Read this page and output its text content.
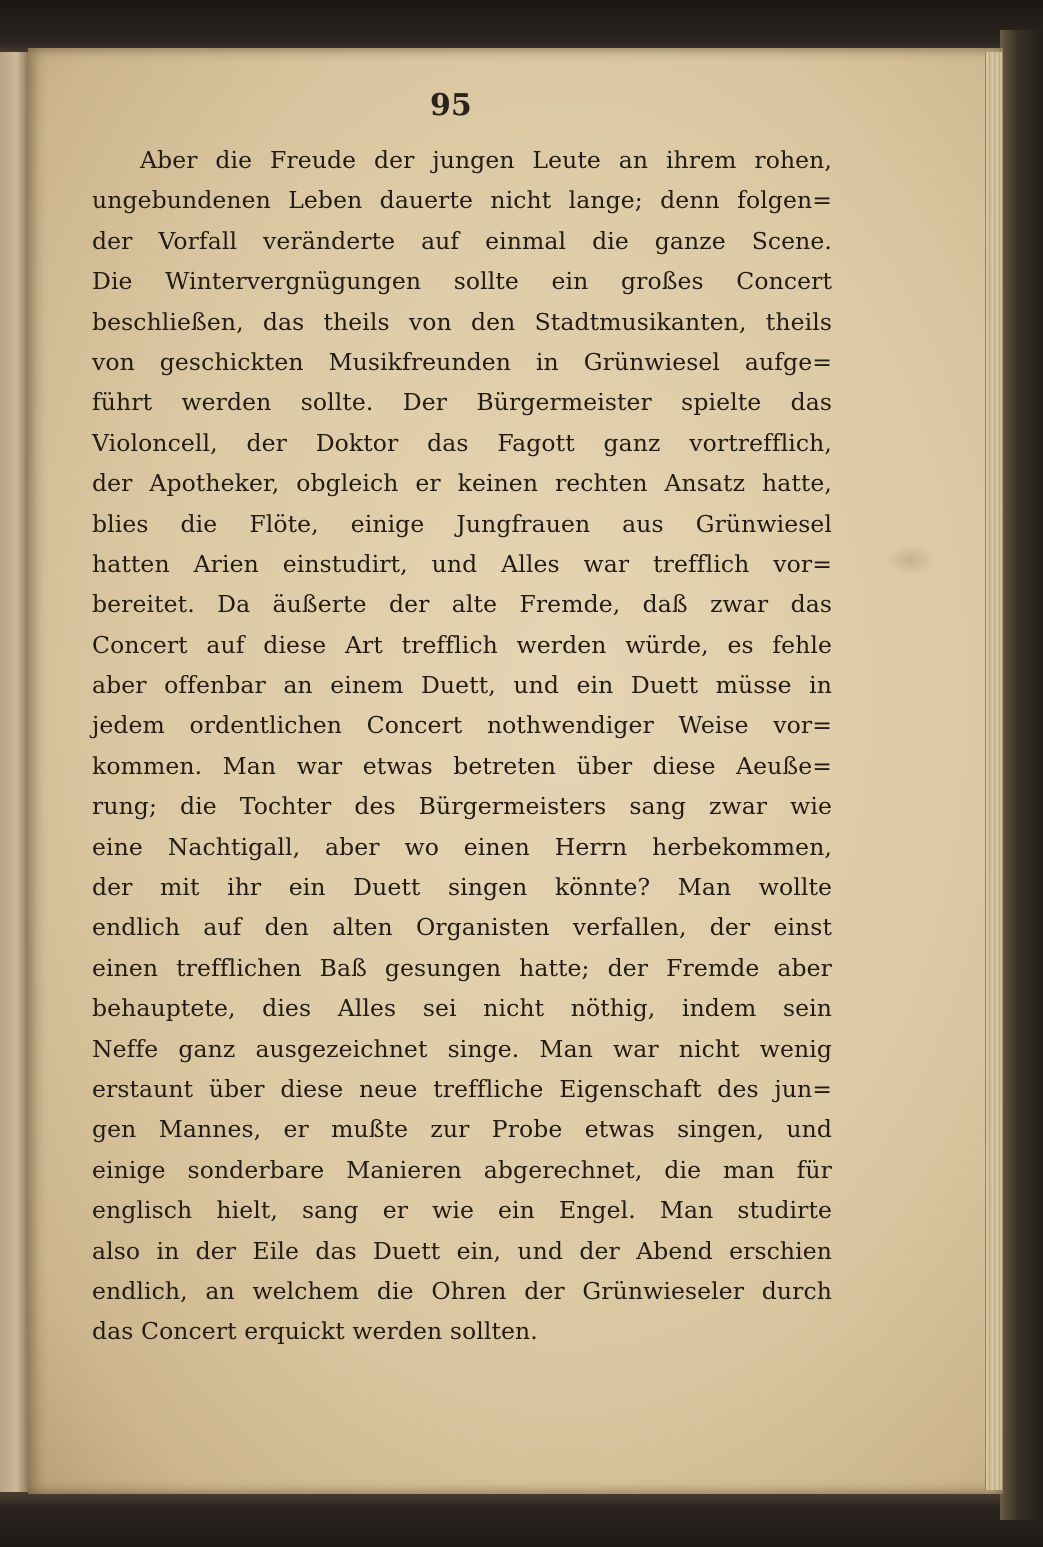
95
Aber die Freude der jungen Leute an ihrem rohen,
ungebundenen Leben dauerte nicht lange; denn folgen=
der Vorfall veränderte auf einmal die ganze Scene.
Die Wintervergnügungen sollte ein großes Concert
beschließen, das theils von den Stadtmusikanten, theils
von geschickten Musikfreunden in Grünwiesel aufge=
führt werden sollte. Der Bürgermeister spielte das
Violoncell, der Doktor das Fagott ganz vortrefflich,
der Apotheker, obgleich er keinen rechten Ansatz hatte,
blies die Flöte, einige Jungfrauen aus Grünwiesel
hatten Arien einstudirt, und Alles war trefflich vor=
bereitet. Da äußerte der alte Fremde, daß zwar das
Concert auf diese Art trefflich werden würde, es fehle
aber offenbar an einem Duett, und ein Duett müsse in
jedem ordentlichen Concert nothwendiger Weise vor=
kommen. Man war etwas betreten über diese Aeuße=
rung; die Tochter des Bürgermeisters sang zwar wie
eine Nachtigall, aber wo einen Herrn herbekommen,
der mit ihr ein Duett singen könnte? Man wollte
endlich auf den alten Organisten verfallen, der einst
einen trefflichen Baß gesungen hatte; der Fremde aber
behauptete, dies Alles sei nicht nöthig, indem sein
Neffe ganz ausgezeichnet singe. Man war nicht wenig
erstaunt über diese neue treffliche Eigenschaft des jun=
gen Mannes, er mußte zur Probe etwas singen, und
einige sonderbare Manieren abgerechnet, die man für
englisch hielt, sang er wie ein Engel. Man studirte
also in der Eile das Duett ein, und der Abend erschien
endlich, an welchem die Ohren der Grünwieseler durch
das Concert erquickt werden sollten.
